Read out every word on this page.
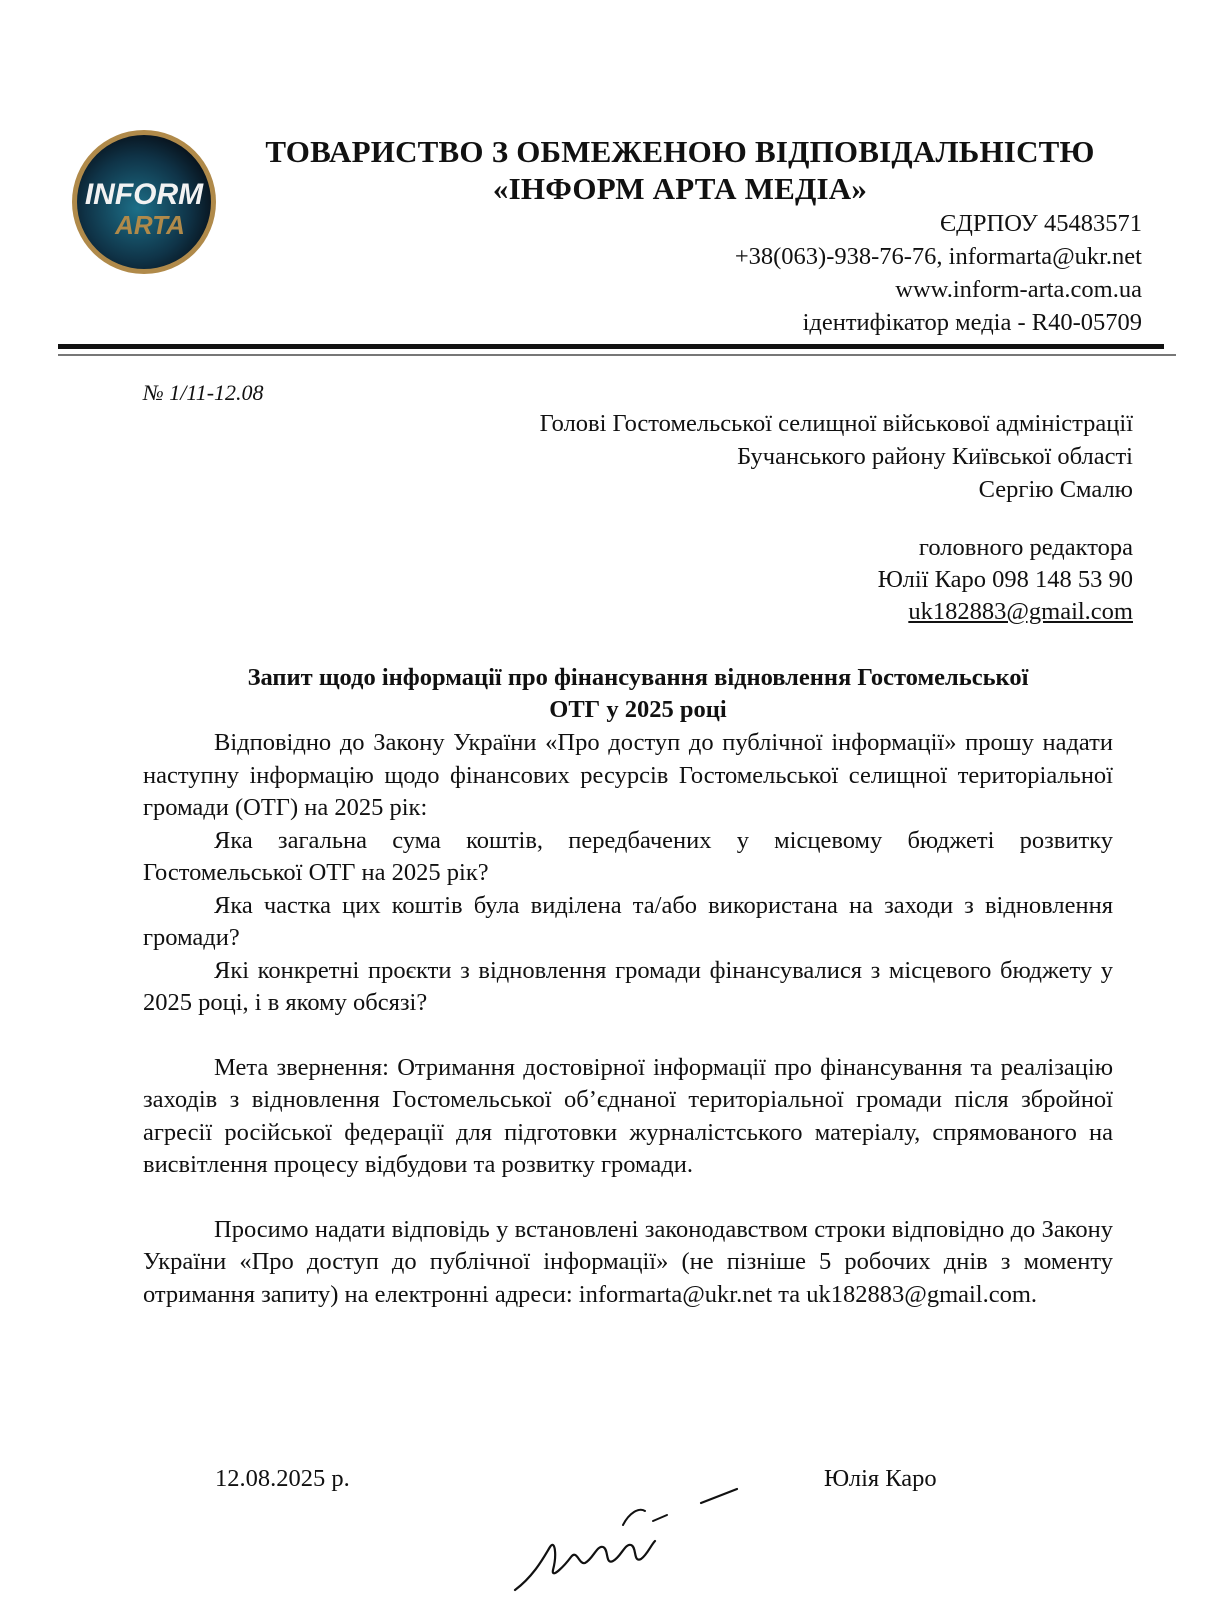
INFORM
ARTA
ТОВАРИСТВО З ОБМЕЖЕНОЮ ВІДПОВІДАЛЬНІСТЮ
«ІНФОРМ АРТА МЕДІА»
ЄДРПОУ 45483571
+38(063)-938-76-76, informarta@ukr.net
www.inform-arta.com.ua
ідентифікатор медіа - R40-05709
№ 1/11-12.08
Голові Гостомельської селищної військової адміністрації
Бучанського району Київської області
Сергію Смалю
головного редактора
Юлії Каро 098 148 53 90
uk182883@gmail.com
Запит щодо інформації про фінансування відновлення Гостомельської
ОТГ у 2025 році

Відповідно до Закону України «Про доступ до публічної інформації» прошу надати наступну інформацію щодо фінансових ресурсів Гостомельської селищної територіальної громади (ОТГ) на 2025 рік:

Яка загальна сума коштів, передбачених у місцевому бюджеті розвитку Гостомельської ОТГ на 2025 рік?

Яка частка цих коштів була виділена та/або використана на заходи з відновлення громади?

Які конкретні проєкти з відновлення громади фінансувалися з місцевого бюджету у 2025 році, і в якому обсязі?

Мета звернення: Отримання достовірної інформації про фінансування та реалізацію заходів з відновлення Гостомельської об’єднаної територіальної громади після збройної агресії російської федерації для підготовки журналістського матеріалу, спрямованого на висвітлення процесу відбудови та розвитку громади.

Просимо надати відповідь у встановлені законодавством строки відповідно до Закону України «Про доступ до публічної інформації» (не пізніше 5 робочих днів з моменту отримання запиту) на електронні адреси: informarta@ukr.net та uk182883@gmail.com.

12.08.2025 р.	Юлія Каро
